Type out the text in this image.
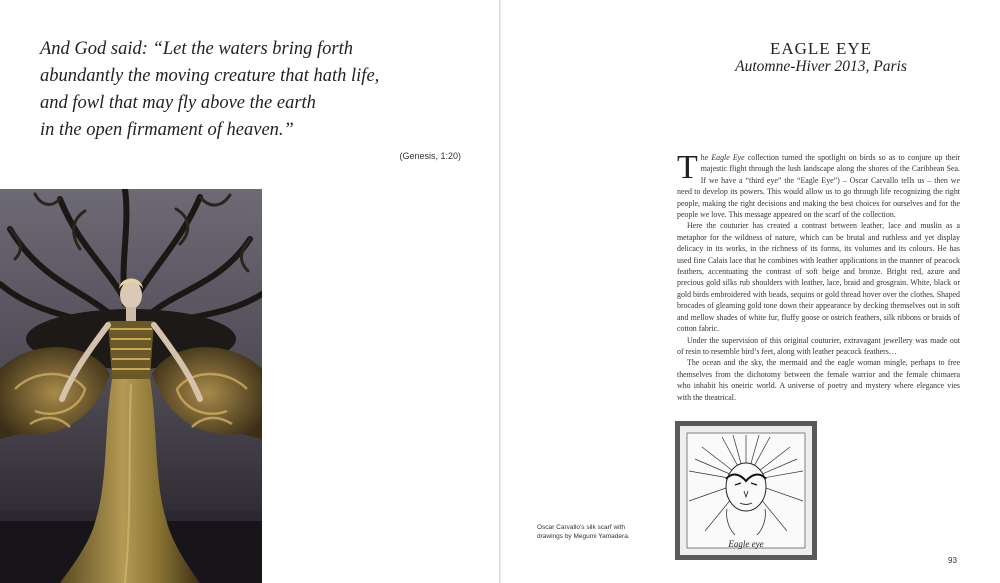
And God said: “Let the waters bring forth
abundantly the moving creature that hath life,
and fowl that may fly above the earth
in the open firmament of heaven.”
(Genesis, 1:20)
EAGLE EYE
Automne-Hiver 2013, Paris

The Eagle Eye collection turned the spotlight on birds so as to conjure up their majestic flight through the lush landscape along the shores of the Caribbean Sea. If we have a “third eye” the “Eagle Eye”) – Oscar Carvallo tells us – then we need to develop its powers. This would allow us to go through life recognizing the right people, making the right decisions and making the best choices for ourselves and for the people we love. This message appeared on the scarf of the collection.

Here the couturier has created a contrast between leather, lace and muslin as a metaphor for the wildness of nature, which can be brutal and ruthless and yet display delicacy in its works, in the richness of its forms, its volumes and its colours. He has used fine Calais lace that he combines with leather applications in the manner of peacock feathers, accentuating the contrast of soft beige and bronze. Bright red, azure and precious gold silks rub shoulders with leather, lace, braid and grosgrain. White, black or gold birds embroidered with beads, sequins or gold thread hover over the clothes. Shaped brocades of gleaming gold tone down their appearance by decking themselves out in soft and mellow shades of white fur, fluffy goose or ostrich feathers, silk ribbons or braids of cotton fabric.

Under the supervision of this original couturier, extravagant jewellery was made out of resin to resemble bird’s feet, along with leather peacock feathers…

The ocean and the sky, the mermaid and the eagle woman mingle, perhaps to free themselves from the dichotomy between the female warrior and the female chimaera who inhabit his oneiric world. A universe of poetry and mystery where elegance vies with the theatrical.

Oscar Carvallo’s silk scarf with drawings by Megumi Yamadera.
Eagle eye
93
